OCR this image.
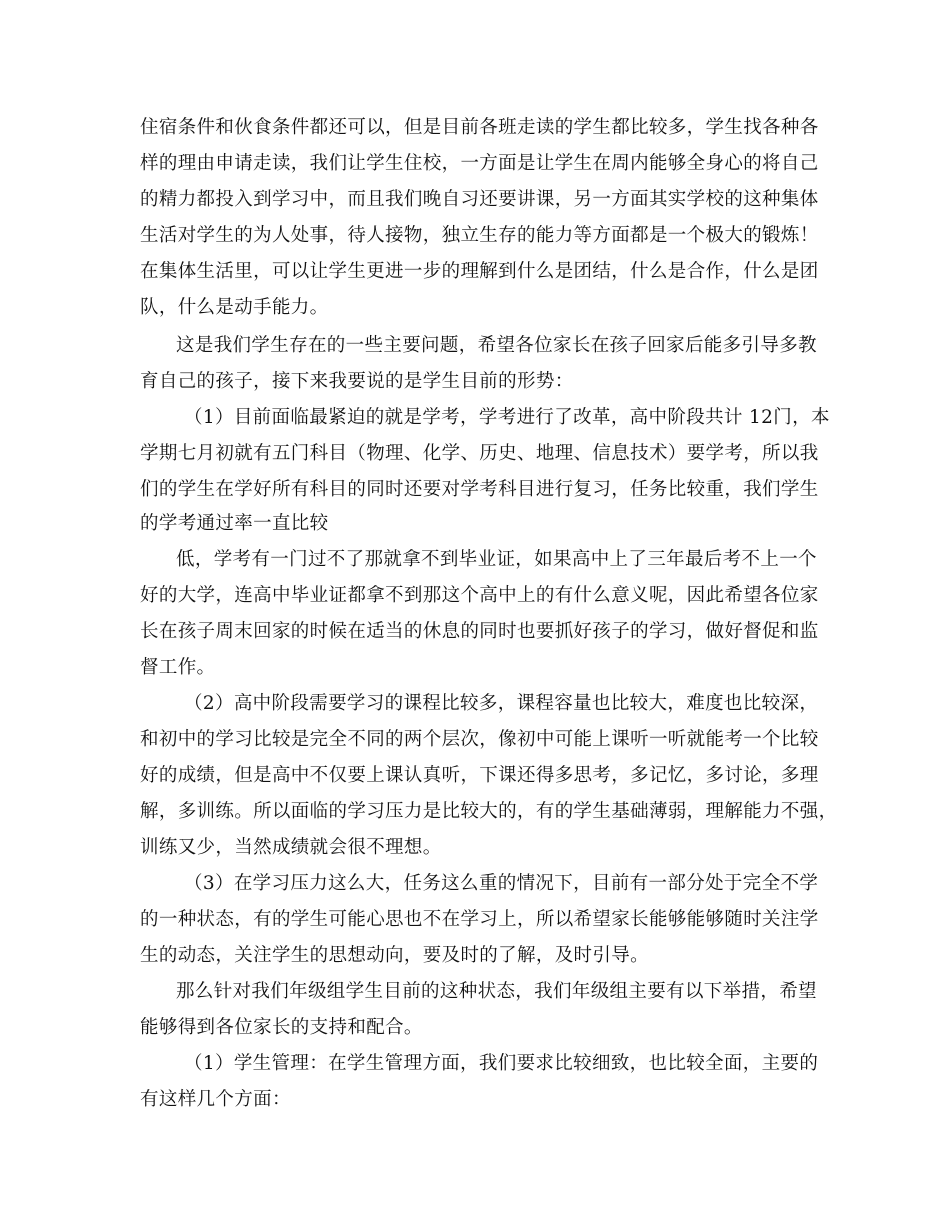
住宿条件和伙食条件都还可以，但是目前各班走读的学生都比较多，学生找各种各
样的理由申请走读，我们让学生住校，一方面是让学生在周内能够全身心的将自己
的精力都投入到学习中，而且我们晚自习还要讲课，另一方面其实学校的这种集体
生活对学生的为人处事，待人接物，独立生存的能力等方面都是一个极大的锻炼！
在集体生活里，可以让学生更进一步的理解到什么是团结，什么是合作，什么是团
队，什么是动手能力。
这是我们学生存在的一些主要问题，希望各位家长在孩子回家后能多引导多教
育自己的孩子，接下来我要说的是学生目前的形势：
（1）目前面临最紧迫的就是学考，学考进行了改革，高中阶段共计 12门，本
学期七月初就有五门科目（物理、化学、历史、地理、信息技术）要学考，所以我
们的学生在学好所有科目的同时还要对学考科目进行复习，任务比较重，我们学生
的学考通过率一直比较
低，学考有一门过不了那就拿不到毕业证，如果高中上了三年最后考不上一个
好的大学，连高中毕业证都拿不到那这个高中上的有什么意义呢，因此希望各位家
长在孩子周末回家的时候在适当的休息的同时也要抓好孩子的学习，做好督促和监
督工作。
（2）高中阶段需要学习的课程比较多，课程容量也比较大，难度也比较深，
和初中的学习比较是完全不同的两个层次，像初中可能上课听一听就能考一个比较
好的成绩，但是高中不仅要上课认真听，下课还得多思考，多记忆，多讨论，多理
解，多训练。所以面临的学习压力是比较大的，有的学生基础薄弱，理解能力不强，
训练又少，当然成绩就会很不理想。
（3）在学习压力这么大，任务这么重的情况下，目前有一部分处于完全不学
的一种状态，有的学生可能心思也不在学习上，所以希望家长能够能够随时关注学
生的动态，关注学生的思想动向，要及时的了解，及时引导。
那么针对我们年级组学生目前的这种状态，我们年级组主要有以下举措，希望
能够得到各位家长的支持和配合。
（1）学生管理：在学生管理方面，我们要求比较细致，也比较全面，主要的
有这样几个方面：
